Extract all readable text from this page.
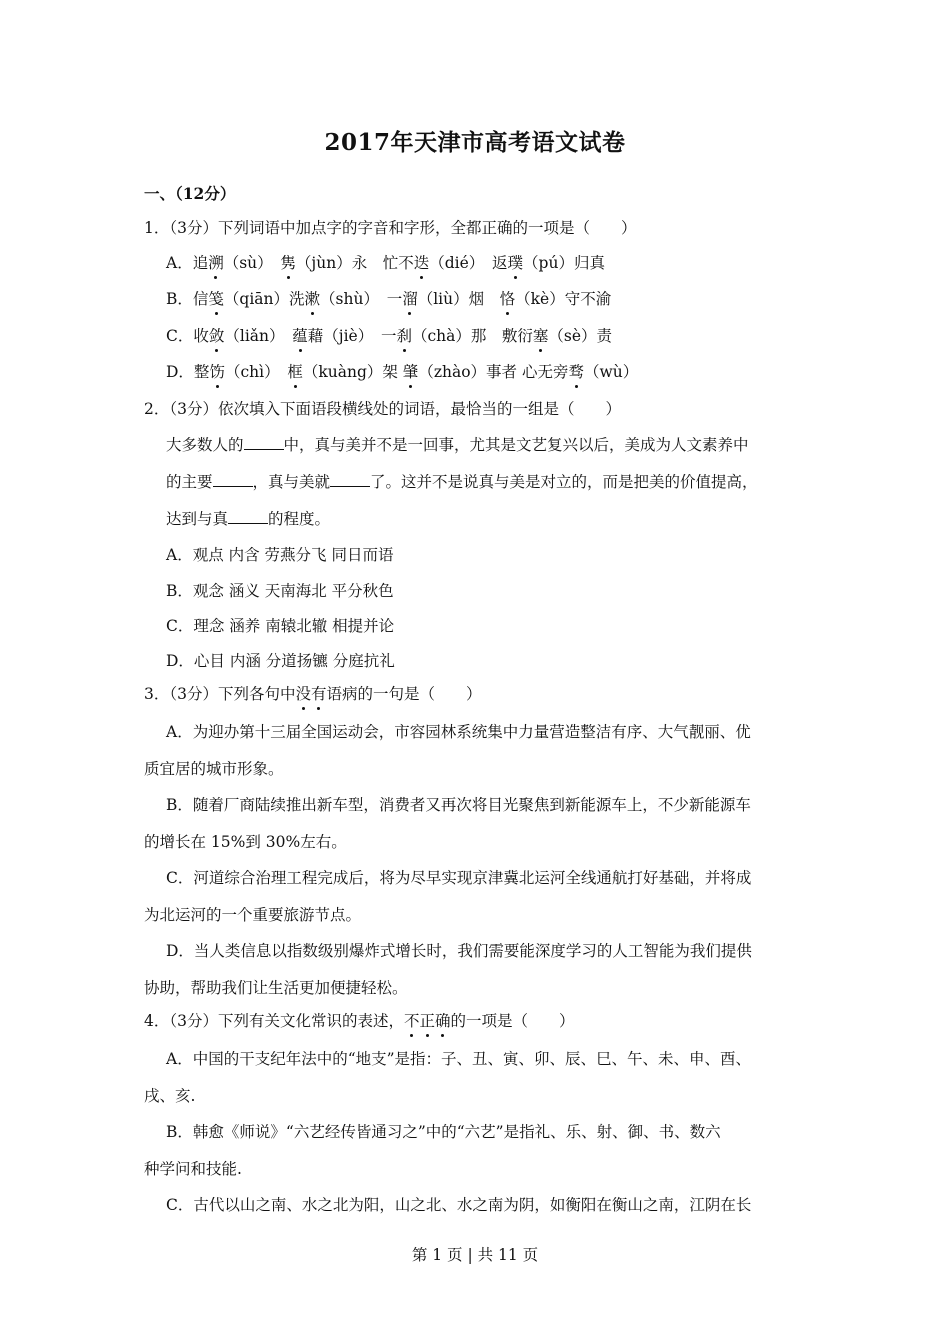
2017年天津市高考语文试卷
一、（12分）
1．（3分）下列词语中加点字的字音和字形，全都正确的一项是（　　）
A．追溯（sù）　隽（jùn）永　忙不迭（dié）　返璞（pú）归真
B．信笺（qiān）洗漱（shù）　一溜（liù）烟　恪（kè）守不渝
C．收敛（liǎn）　蕴藉（jiè）　一刹（chà）那　敷衍塞（sè）责
D．整饬（chì）　框（kuàng）架 肇（zhào）事者 心无旁骛（wù）
2．（3分）依次填入下面语段横线处的词语，最恰当的一组是（　　）
大多数人的	中，真与美并不是一回事，尤其是文艺复兴以后，美成为人文素养中
的主要	，真与美就	了。这并不是说真与美是对立的，而是把美的价值提高，
达到与真	的程度。
A．观点 内含 劳燕分飞 同日而语
B．观念 涵义 天南海北 平分秋色
C．理念 涵养 南辕北辙 相提并论
D．心目 内涵 分道扬镳 分庭抗礼
3．（3分）下列各句中没有语病的一句是（　　）
A．为迎办第十三届全国运动会，市容园林系统集中力量营造整洁有序、大气靓丽、优
质宜居的城市形象。
B．随着厂商陆续推出新车型，消费者又再次将目光聚焦到新能源车上，不少新能源车
的增长在 15%到 30%左右。
C．河道综合治理工程完成后，将为尽早实现京津冀北运河全线通航打好基础，并将成
为北运河的一个重要旅游节点。
D．当人类信息以指数级别爆炸式增长时，我们需要能深度学习的人工智能为我们提供
协助，帮助我们让生活更加便捷轻松。
4．（3分）下列有关文化常识的表述，不正确的一项是（　　）
A．中国的干支纪年法中的“地支”是指：子、丑、寅、卯、辰、巳、午、未、申、酉、
戌、亥.
B．韩愈《师说》“六艺经传皆通习之”中的“六艺”是指礼、乐、射、御、书、数六
种学问和技能.
C．古代以山之南、水之北为阳，山之北、水之南为阴，如衡阳在衡山之南，江阴在长
第 1 页 | 共 11 页
